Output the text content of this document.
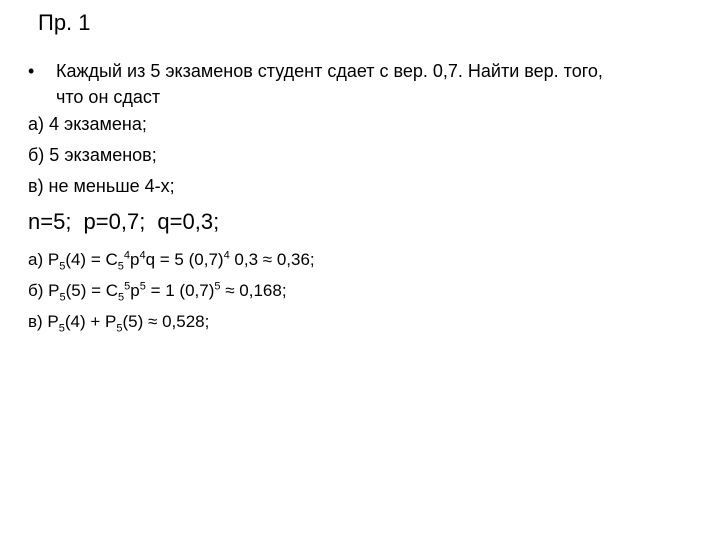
Пр. 1
•	Каждый из 5 экзаменов студент сдает с вер. 0,7. Найти вер. того,
что он сдаст
а) 4 экзамена;
б) 5 экзаменов;
в) не меньше 4-х;
n=5; p=0,7; q=0,3;
а) $P_5(4) = C_5^4p^4q = 5$ $(0,7)^4$ 0,3 ≈ 0,36;
б) $P_5(5) = C_5^5p^5 = 1$ $(0,7)^5 \approx 0,168$;
в) $P_5(4) + P_5(5) \approx 0,528$;
